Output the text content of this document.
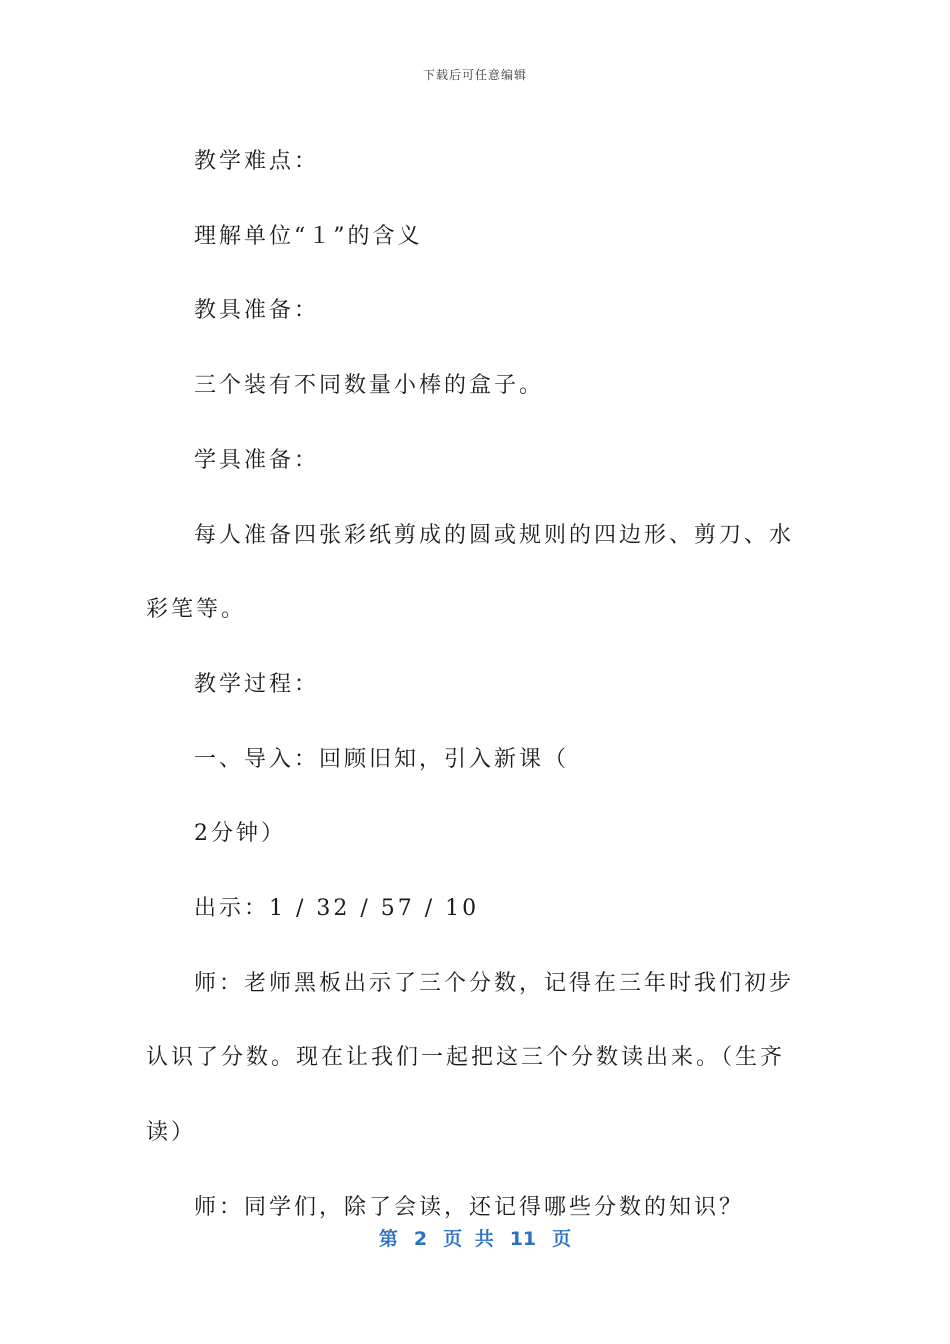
下载后可任意编辑

教学难点：

理解单位“１”的含义

教具准备：

三个装有不同数量小棒的盒子。

学具准备：

每人准备四张彩纸剪成的圆或规则的四边形、剪刀、水彩笔等。

教学过程：

一、导入：回顾旧知，引入新课（

2分钟）

出示：1 / 32 / 57 / 10

师：老师黑板出示了三个分数，记得在三年时我们初步认识了分数。现在让我们一起把这三个分数读出来。（生齐读）

师：同学们，除了会读，还记得哪些分数的知识？

第 2 页 共 11 页
